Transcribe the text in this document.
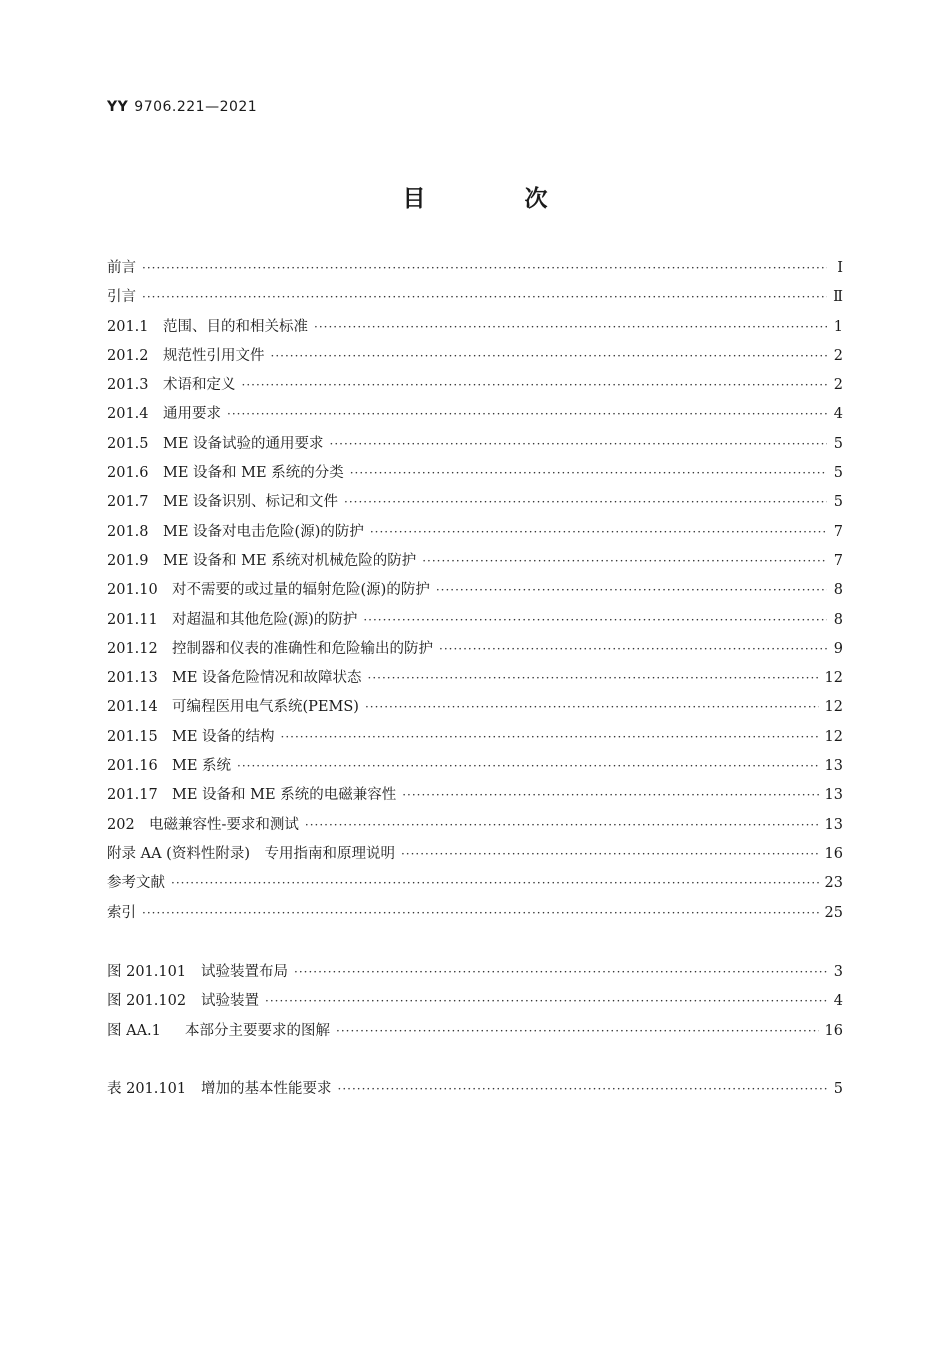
YY 9706.221—2021
目　次
前言 ·····	Ⅰ
引言 ·····	Ⅱ
201.1 范围、目的和相关标准 ·····	1
201.2 规范性引用文件 ·····	2
201.3 术语和定义 ·····	2
201.4 通用要求 ·····	4
201.5 ME 设备试验的通用要求 ·····	5
201.6 ME 设备和 ME 系统的分类 ·····	5
201.7 ME 设备识别、标记和文件 ·····	5
201.8 ME 设备对电击危险(源)的防护 ·····	7
201.9 ME 设备和 ME 系统对机械危险的防护 ·····	7
201.10 对不需要的或过量的辐射危险(源)的防护 ·····	8
201.11 对超温和其他危险(源)的防护 ·····	8
201.12 控制器和仪表的准确性和危险输出的防护 ·····	9
201.13 ME 设备危险情况和故障状态 ·····	12
201.14 可编程医用电气系统(PEMS) ·····	12
201.15 ME 设备的结构 ·····	12
201.16 ME 系统 ·····	13
201.17 ME 设备和 ME 系统的电磁兼容性 ·····	13
202 电磁兼容性-要求和测试 ·····	13
附录 AA (资料性附录)　专用指南和原理说明 ·····	16
参考文献 ·····	23
索引 ·····	25
图 201.101	试验装置布局 ·····	3
图 201.102	试验装置 ·····	4
图 AA.1	本部分主要要求的图解 ·····	16
表 201.101	增加的基本性能要求 ·····	5
